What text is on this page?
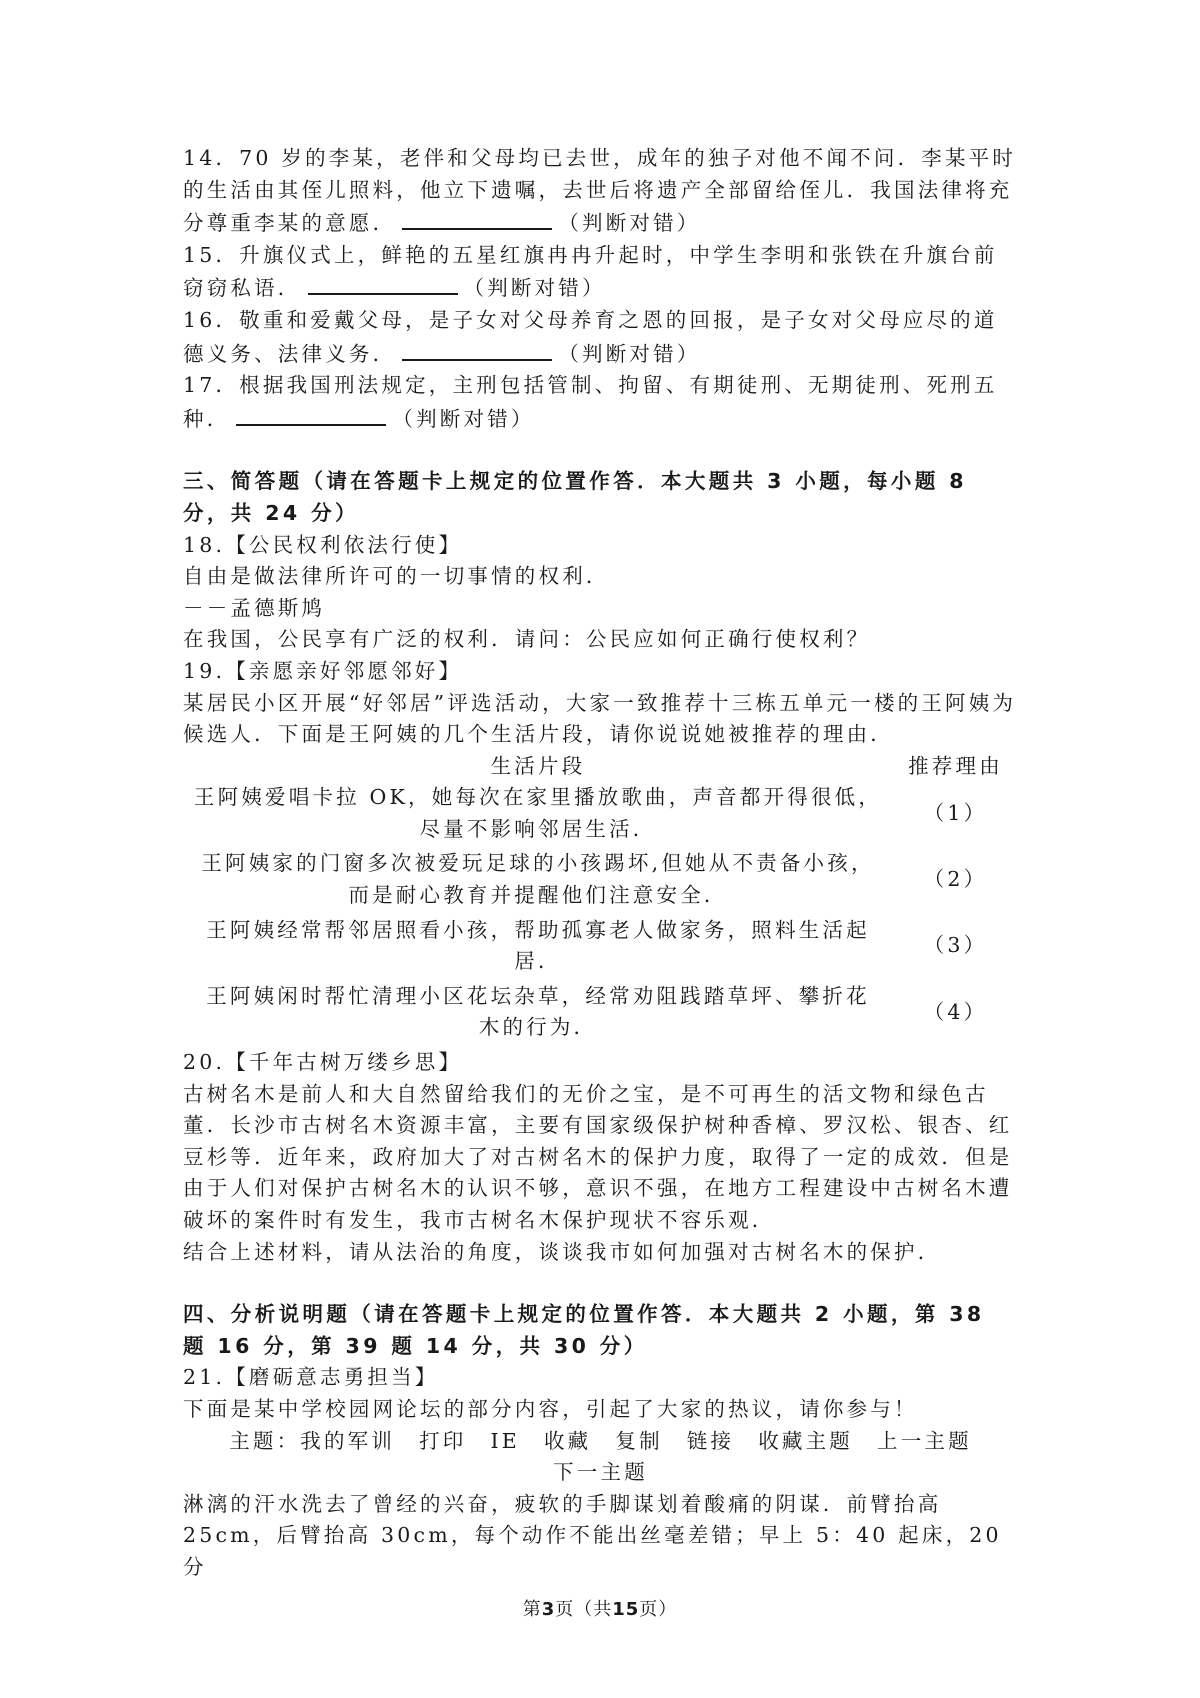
14．70 岁的李某，老伴和父母均已去世，成年的独子对他不闻不问．李某平时的生活由其侄儿照料，他立下遗嘱，去世后将遗产全部留给侄儿．我国法律将充分尊重李某的意愿．	（判断对错）

15．升旗仪式上，鲜艳的五星红旗冉冉升起时，中学生李明和张铁在升旗台前窃窃私语．	（判断对错）

16．敬重和爱戴父母，是子女对父母养育之恩的回报，是子女对父母应尽的道德义务、法律义务．	（判断对错）

17．根据我国刑法规定，主刑包括管制、拘留、有期徒刑、无期徒刑、死刑五种．	（判断对错）

三、简答题（请在答题卡上规定的位置作答．本大题共 3 小题，每小题 8 分，共 24 分）

18.【公民权利依法行使】

自由是做法律所许可的一切事情的权利．

－－孟德斯鸠

在我国，公民享有广泛的权利．请问：公民应如何正确行使权利？

19.【亲愿亲好邻愿邻好】

某居民小区开展“好邻居”评选活动，大家一致推荐十三栋五单元一楼的王阿姨为候选人．下面是王阿姨的几个生活片段，请你说说她被推荐的理由．

生活片段	推荐理由

王阿姨爱唱卡拉 OK，她每次在家里播放歌曲，声音都开得很低，
尽量不影响邻居生活．	（1）

王阿姨家的门窗多次被爱玩足球的小孩踢坏,但她从不责备小孩，
而是耐心教育并提醒他们注意安全．	（2）

王阿姨经常帮邻居照看小孩，帮助孤寡老人做家务，照料生活起
居．	（3）

王阿姨闲时帮忙清理小区花坛杂草，经常劝阻践踏草坪、攀折花
木的行为．	（4）

20.【千年古树万缕乡思】

古树名木是前人和大自然留给我们的无价之宝，是不可再生的活文物和绿色古董．长沙市古树名木资源丰富，主要有国家级保护树种香樟、罗汉松、银杏、红豆杉等．近年来，政府加大了对古树名木的保护力度，取得了一定的成效．但是由于人们对保护古树名木的认识不够，意识不强，在地方工程建设中古树名木遭破坏的案件时有发生，我市古树名木保护现状不容乐观．

结合上述材料，请从法治的角度，谈谈我市如何加强对古树名木的保护．

四、分析说明题（请在答题卡上规定的位置作答．本大题共 2 小题，第 38 题 16 分，第 39 题 14 分，共 30 分）

21.【磨砺意志勇担当】

下面是某中学校园网论坛的部分内容，引起了大家的热议，请你参与！

主题：我的军训 打印 IE 收藏 复制 链接 收藏主题 上一主题
下一主题

淋漓的汗水洗去了曾经的兴奋，疲软的手脚谋划着酸痛的阴谋．前臂抬高 25cm，后臂抬高 30cm，每个动作不能出丝毫差错；早上 5：40 起床，20 分

第3页（共15页）
